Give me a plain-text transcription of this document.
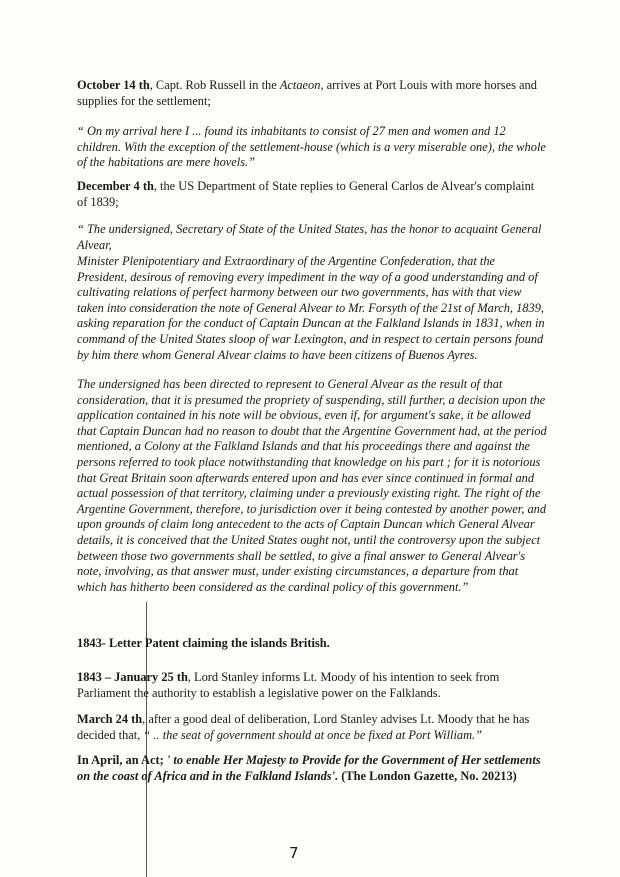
October 14 th, Capt. Rob Russell in the Actaeon, arrives at Port Louis with more horses and supplies for the settlement;

“ On my arrival here I ... found its inhabitants to consist of 27 men and women and 12 children. With the exception of the settlement-house (which is a very miserable one), the whole of the habitations are mere hovels.”

December 4 th, the US Department of State replies to General Carlos de Alvear's complaint of 1839;

“ The undersigned, Secretary of State of the United States, has the honor to acquaint General Alvear,

Minister Plenipotentiary and Extraordinary of the Argentine Confederation, that the President, desirous of removing every impediment in the way of a good understanding and of cultivating relations of perfect harmony between our two governments, has with that view taken into consideration the note of General Alvear to Mr. Forsyth of the 21st of March, 1839, asking reparation for the conduct of Captain Duncan at the Falkland Islands in 1831, when in command of the United States sloop of war Lexington, and in respect to certain persons found by him there whom General Alvear claims to have been citizens of Buenos Ayres.

The undersigned has been directed to represent to General Alvear as the result of that consideration, that it is presumed the propriety of suspending, still further, a decision upon the application contained in his note will be obvious, even if, for argument's sake, it be allowed that Captain Duncan had no reason to doubt that the Argentine Government had, at the period mentioned, a Colony at the Falkland Islands and that his proceedings there and against the persons referred to took place notwithstanding that knowledge on his part ; for it is notorious that Great Britain soon afterwards entered upon and has ever since continued in formal and actual possession of that territory, claiming under a previously existing right. The right of the Argentine Government, therefore, to jurisdiction over it being contested by another power, and upon grounds of claim long antecedent to the acts of Captain Duncan which General Alvear details, it is conceived that the United States ought not, until the controversy upon the subject between those two governments shall be settled, to give a final answer to General Alvear's note, involving, as that answer must, under existing circumstances, a departure from that which has hitherto been considered as the cardinal policy of this government.”

1843- Letter Patent claiming the islands British.

1843 – January 25 th, Lord Stanley informs Lt. Moody of his intention to seek from Parliament the authority to establish a legislative power on the Falklands.

March 24 th, after a good deal of deliberation, Lord Stanley advises Lt. Moody that he has decided that, “ .. the seat of government should at once be fixed at Port William.”

In April, an Act; ' to enable Her Majesty to Provide for the Government of Her settlements on the coast of Africa and in the Falkland Islands'. (The London Gazette, No. 20213)

7
